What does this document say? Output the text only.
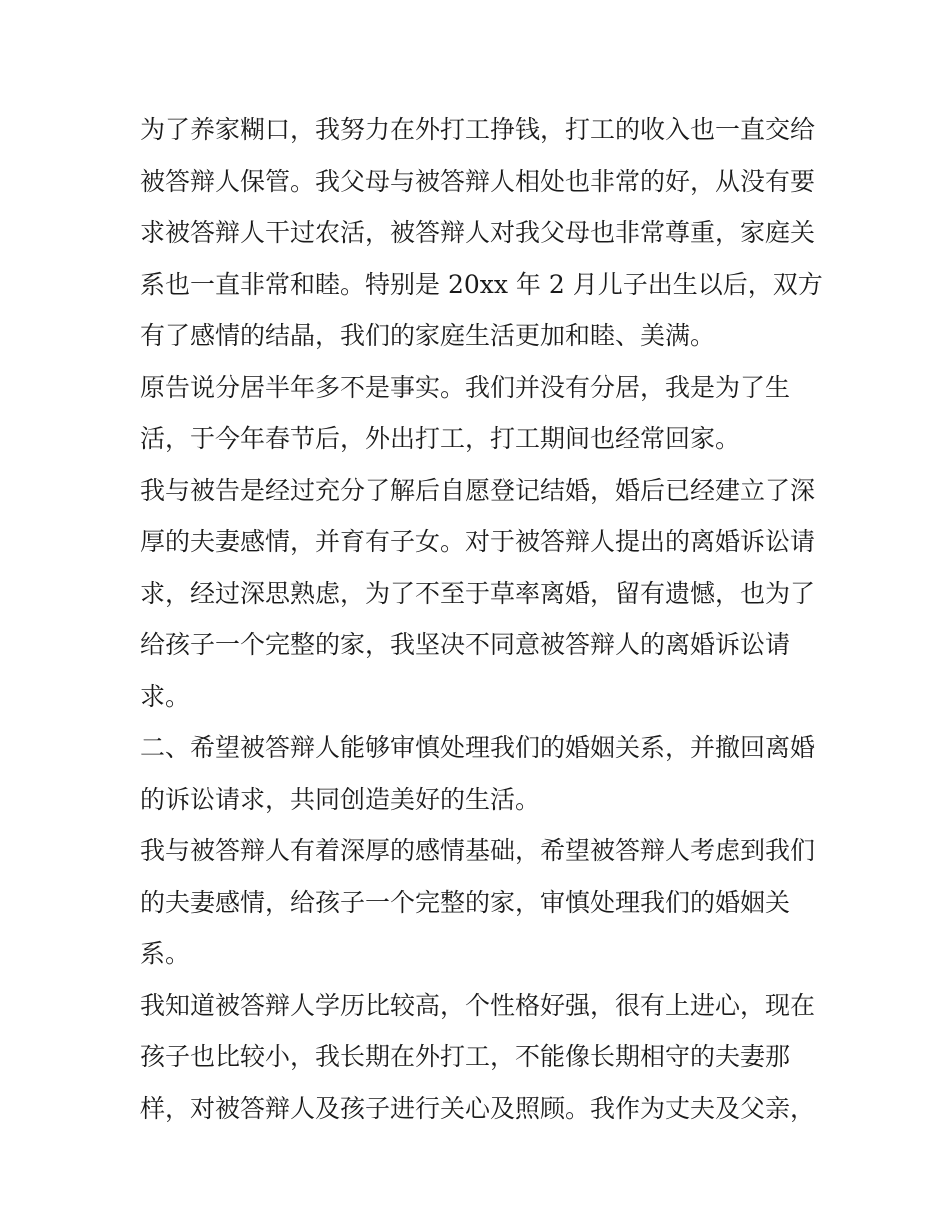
为了养家糊口，我努力在外打工挣钱，打工的收入也一直交给
被答辩人保管。我父母与被答辩人相处也非常的好，从没有要
求被答辩人干过农活，被答辩人对我父母也非常尊重，家庭关
系也一直非常和睦。特别是 20xx 年 2 月儿子出生以后，双方
有了感情的结晶，我们的家庭生活更加和睦、美满。
原告说分居半年多不是事实。我们并没有分居，我是为了生
活，于今年春节后，外出打工，打工期间也经常回家。
我与被告是经过充分了解后自愿登记结婚，婚后已经建立了深
厚的夫妻感情，并育有子女。对于被答辩人提出的离婚诉讼请
求，经过深思熟虑，为了不至于草率离婚，留有遗憾，也为了
给孩子一个完整的家，我坚决不同意被答辩人的离婚诉讼请
求。
二、希望被答辩人能够审慎处理我们的婚姻关系，并撤回离婚
的诉讼请求，共同创造美好的生活。
我与被答辩人有着深厚的感情基础，希望被答辩人考虑到我们
的夫妻感情，给孩子一个完整的家，审慎处理我们的婚姻关
系。
我知道被答辩人学历比较高，个性格好强，很有上进心，现在
孩子也比较小，我长期在外打工，不能像长期相守的夫妻那
样，对被答辩人及孩子进行关心及照顾。我作为丈夫及父亲，
